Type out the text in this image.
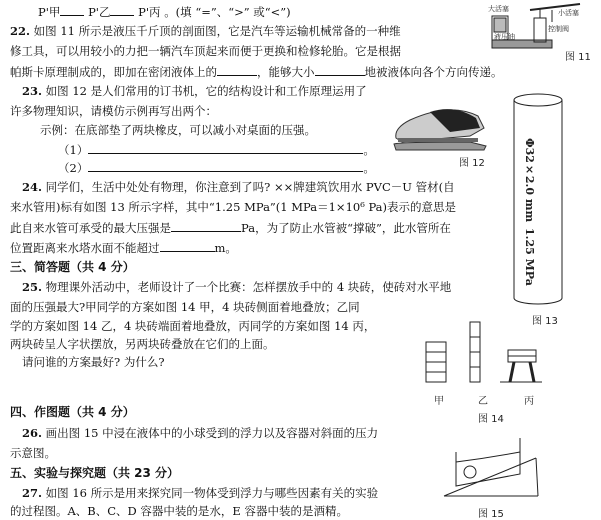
P'甲 P'乙 P'丙 。(填 “=”、“>” 或“<”)
22. 如图 11 所示是液压千斤顶的剖面图，它是汽车等运输机械常备的一种维
修工具，可以用较小的力把一辆汽车顶起来而便于更换和检修轮胎。它是根据
帕斯卡原理制成的，即加在密闭液体上的	，能够大小	地被液体向各个方向传递。
23. 如图 12 是人们常用的订书机，它的结构设计和工作原理运用了
许多物理知识，请模仿示例再写出两个：
示例：在底部垫了两块橡皮，可以减小对桌面的压强。
（1）	。
（2）	。
24. 同学们，生活中处处有物理，你注意到了吗? ××牌建筑饮用水 PVC－U 管材(自
来水管用)标有如图 13 所示字样，其中“1.25 MPa”(1 MPa＝1×10⁶ Pa)表示的意思是
此自来水管可承受的最大压强是	Pa，为了防止水管被“撑破”，此水管所在
位置距离来水塔水面不能超过	m。
三、简答题（共 4 分）
25. 物理课外活动中，老师设计了一个比赛：怎样摆放手中的 4 块砖，使砖对水平地
面的压强最大?甲同学的方案如图 14 甲，4 块砖侧面着地叠放；乙同
学的方案如图 14 乙，4 块砖端面着地叠放，丙同学的方案如图 14 丙，
两块砖呈人字状摆放，另两块砖叠放在它们的上面。
请问谁的方案最好? 为什么?
四、作图题（共 4 分）
26. 画出图 15 中浸在液体中的小球受到的浮力以及容器对斜面的压力
示意图。
五、实验与探究题（共 23 分）
27. 如图 16 所示是用来探究同一物体受到浮力与哪些因素有关的实验
的过程图。A、B、C、D 容器中装的是水，E 容器中装的是酒精。
大活塞
控制阀
液压油
小活塞
图 11
图 12	Φ32×2.0 mm
1.25 MPa
图 13
甲	乙	丙
图 14
图 15
